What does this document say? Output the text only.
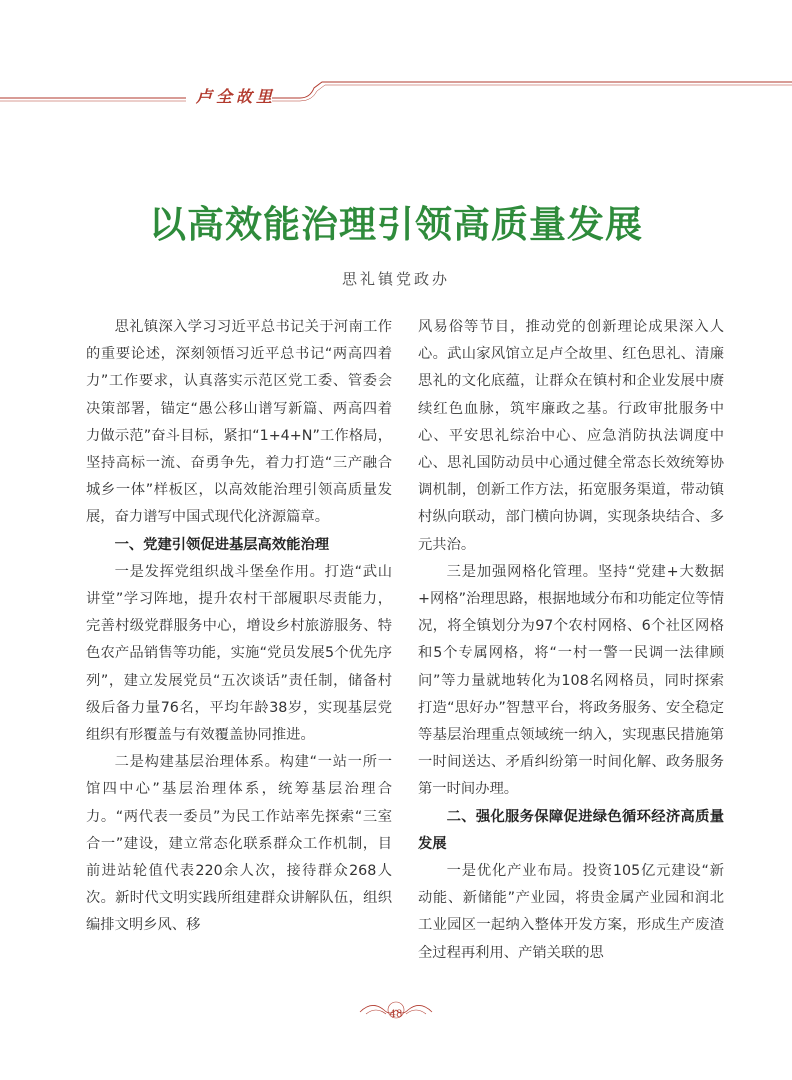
卢全故里
以高效能治理引领高质量发展
思礼镇党政办

思礼镇深入学习习近平总书记关于河南工作的重要论述，深刻领悟习近平总书记“两高四着力”工作要求，认真落实示范区党工委、管委会决策部署，锚定“愚公移山谱写新篇、两高四着力做示范”奋斗目标，紧扣“1+4+N”工作格局，坚持高标一流、奋勇争先，着力打造“三产融合 城乡一体”样板区，以高效能治理引领高质量发展，奋力谱写中国式现代化济源篇章。

一、党建引领促进基层高效能治理

一是发挥党组织战斗堡垒作用。打造“武山讲堂”学习阵地，提升农村干部履职尽责能力，完善村级党群服务中心，增设乡村旅游服务、特色农产品销售等功能，实施“党员发展5个优先序列”，建立发展党员“五次谈话”责任制，储备村级后备力量76名，平均年龄38岁，实现基层党组织有形覆盖与有效覆盖协同推进。

二是构建基层治理体系。构建“一站一所一馆四中心”基层治理体系，统筹基层治理合力。“两代表一委员”为民工作站率先探索“三室合一”建设，建立常态化联系群众工作机制，目前进站轮值代表220余人次，接待群众268人次。新时代文明实践所组建群众讲解队伍，组织编排文明乡风、移

风易俗等节目，推动党的创新理论成果深入人心。武山家风馆立足卢仝故里、红色思礼、清廉思礼的文化底蕴，让群众在镇村和企业发展中赓续红色血脉，筑牢廉政之基。行政审批服务中心、平安思礼综治中心、应急消防执法调度中心、思礼国防动员中心通过健全常态长效统筹协调机制，创新工作方法，拓宽服务渠道，带动镇村纵向联动，部门横向协调，实现条块结合、多元共治。

三是加强网格化管理。坚持“党建+大数据+网格”治理思路，根据地域分布和功能定位等情况，将全镇划分为97个农村网格、6个社区网格和5个专属网格，将“一村一警一民调一法律顾问”等力量就地转化为108名网格员，同时探索打造“思好办”智慧平台，将政务服务、安全稳定等基层治理重点领域统一纳入，实现惠民措施第一时间送达、矛盾纠纷第一时间化解、政务服务第一时间办理。

二、强化服务保障促进绿色循环经济高质量发展

一是优化产业布局。投资105亿元建设“新动能、新储能”产业园，将贵金属产业园和润北工业园区一起纳入整体开发方案，形成生产废渣全过程再利用、产销关联的思

48
